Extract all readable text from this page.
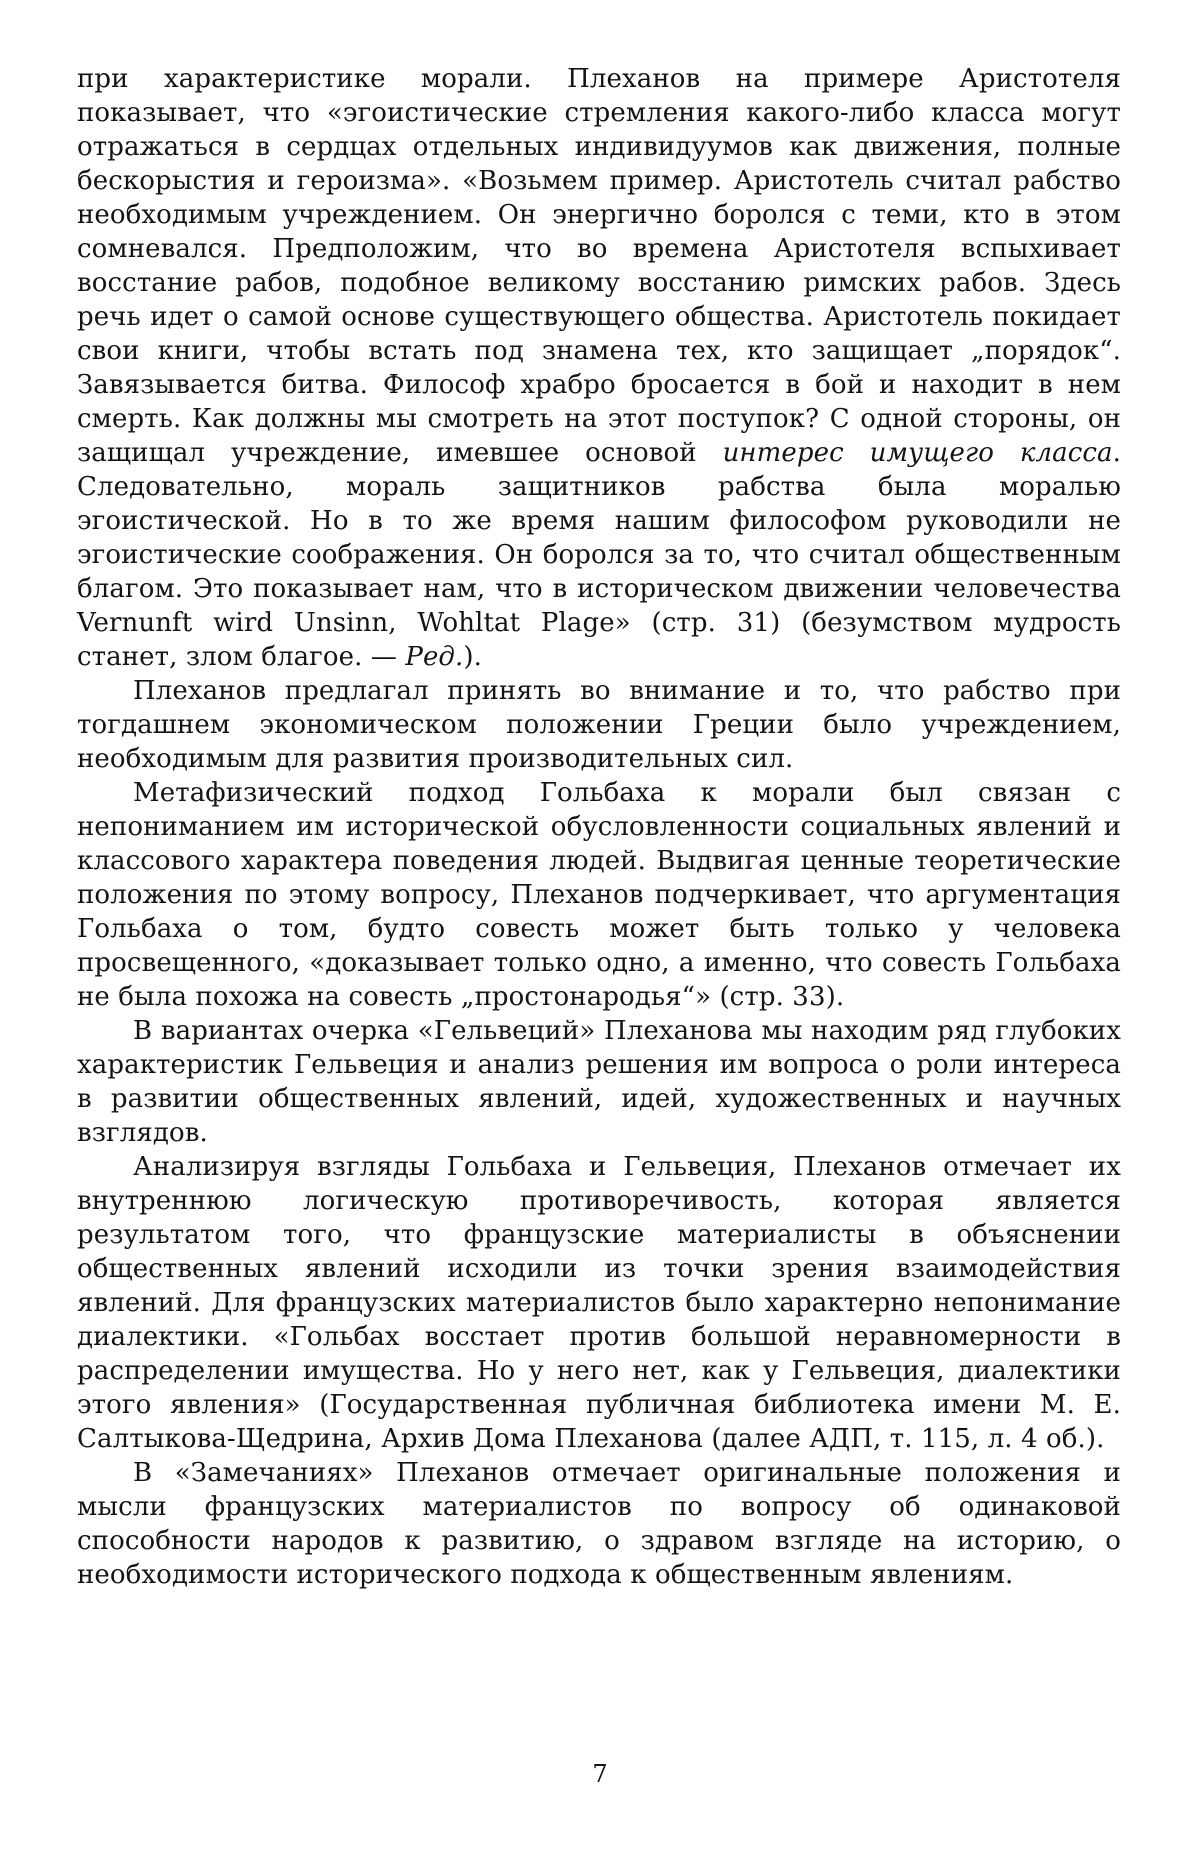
при характеристике морали. Плеханов на примере Аристотеля показывает, что «эгоистические стремления какого-либо класса могут отражаться в сердцах отдельных индивидуумов как движения, полные бескорыстия и героизма». «Возьмем пример. Аристотель считал рабство необходимым учреждением. Он энергично боролся с теми, кто в этом сомневался. Предположим, что во времена Аристотеля вспыхивает восстание рабов, подобное великому восстанию римских рабов. Здесь речь идет о самой основе существующего общества. Аристотель покидает свои книги, чтобы встать под знамена тех, кто защищает „порядок“. Завязывается битва. Философ храбро бросается в бой и находит в нем смерть. Как должны мы смотреть на этот поступок? С одной стороны, он защищал учреждение, имевшее основой интерес имущего класса. Следовательно, мораль защитников рабства была моралью эгоистической. Но в то же время нашим философом руководили не эгоистические соображения. Он боролся за то, что считал общественным благом. Это показывает нам, что в историческом движении человечества Vernunft wird Unsinn, Wohltat Plage» (стр. 31) (безумством мудрость станет, злом благое. — Ред.).

Плеханов предлагал принять во внимание и то, что рабство при тогдашнем экономическом положении Греции было учреждением, необходимым для развития производительных сил.

Метафизический подход Гольбаха к морали был связан с непониманием им исторической обусловленности социальных явлений и классового характера поведения людей. Выдвигая ценные теоретические положения по этому вопросу, Плеханов подчеркивает, что аргументация Гольбаха о том, будто совесть может быть только у человека просвещенного, «доказывает только одно, а именно, что совесть Гольбаха не была похожа на совесть „простонародья“» (стр. 33).

В вариантах очерка «Гельвеций» Плеханова мы находим ряд глубоких характеристик Гельвеция и анализ решения им вопроса о роли интереса в развитии общественных явлений, идей, художественных и научных взглядов.

Анализируя взгляды Гольбаха и Гельвеция, Плеханов отмечает их внутреннюю логическую противоречивость, которая является результатом того, что французские материалисты в объяснении общественных явлений исходили из точки зрения взаимодействия явлений. Для французских материалистов было характерно непонимание диалектики. «Гольбах восстает против большой неравномерности в распределении имущества. Но у него нет, как у Гельвеция, диалектики этого явления» (Государственная публичная библиотека имени М. Е. Салтыкова-Щедрина, Архив Дома Плеханова (далее АДП, т. 115, л. 4 об.).

В «Замечаниях» Плеханов отмечает оригинальные положения и мысли французских материалистов по вопросу об одинаковой способности народов к развитию, о здравом взгляде на историю, о необходимости исторического подхода к общественным явлениям.

7
